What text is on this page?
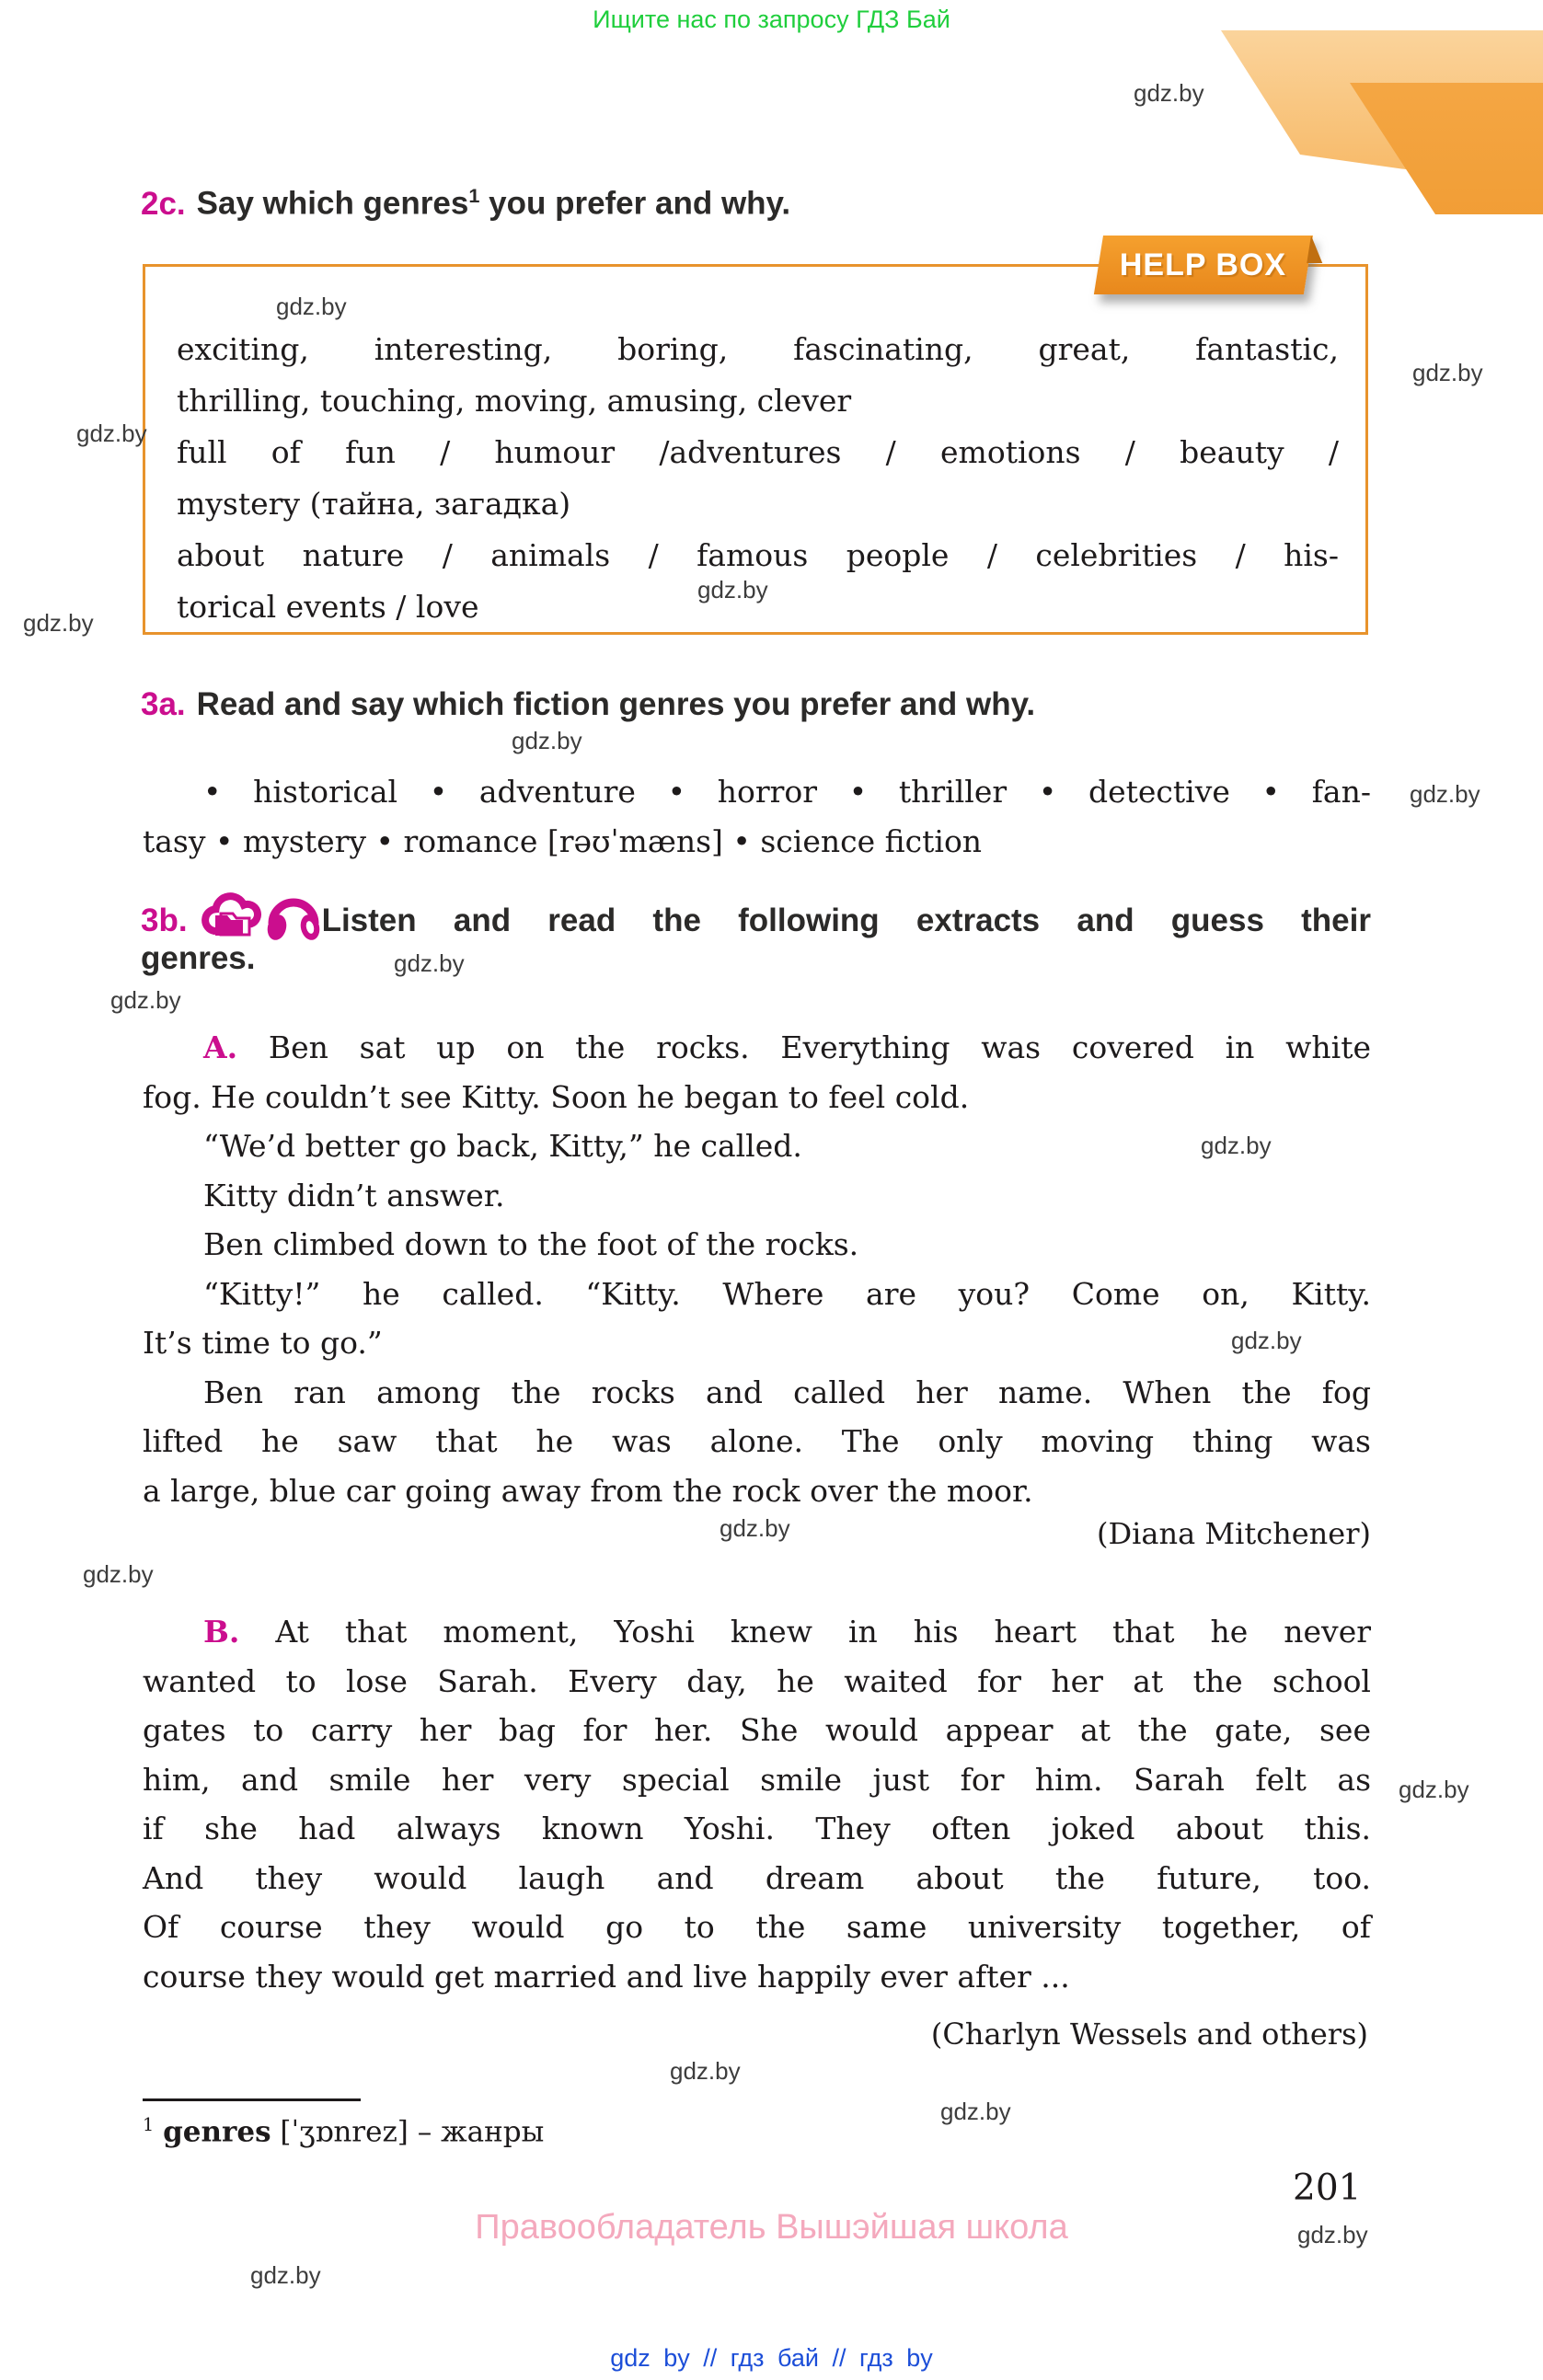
Ищите нас по запросу ГДЗ Бай
gdz.by
gdz.by
gdz.by
gdz.by
gdz.by
gdz.by
gdz.by
gdz.by
gdz.by
gdz.by
gdz.by
gdz.by
gdz.by
gdz.by
gdz.by
gdz.by
gdz.by
gdz.by
gdz.by
2c. Say which genres$^1$ you prefer and why.
HELP BOX
exciting, interesting, boring, fascinating, great, fantastic,
thrilling, touching, moving, amusing, clever
full of fun / humour /adventures / emotions / beauty /
mystery (тайна, загадка)
about nature / animals / famous people / celebrities / his-
torical events / love
3a. Read and say which fiction genres you prefer and why.
• historical • adventure • horror • thriller • detective • fan-
tasy • mystery • romance [rəʊˈmæns] • science fiction
3b.	Listen and read the following extracts and guess their
genres.
A. Ben sat up on the rocks. Everything was covered in white
fog. He couldn’t see Kitty. Soon he began to feel cold.
“We’d better go back, Kitty,” he called.
Kitty didn’t answer.
Ben climbed down to the foot of the rocks.
“Kitty!” he called. “Kitty. Where are you? Come on, Kitty.
It’s time to go.”
Ben ran among the rocks and called her name. When the fog
lifted he saw that he was alone. The only moving thing was
a large, blue car going away from the rock over the moor.
(Diana Mitchener)
B. At that moment, Yoshi knew in his heart that he never
wanted to lose Sarah. Every day, he waited for her at the school
gates to carry her bag for her. She would appear at the gate, see
him, and smile her very special smile just for him. Sarah felt as
if she had always known Yoshi. They often joked about this.
And they would laugh and dream about the future, too.
Of course they would go to the same university together, of
course they would get married and live happily ever after ...
(Charlyn Wessels and others)
$^1$ genres [ˈʒɒnrez] – жанры
201
Правообладатель Вышэйшая школа
gdz by // гдз бай // гдз by
